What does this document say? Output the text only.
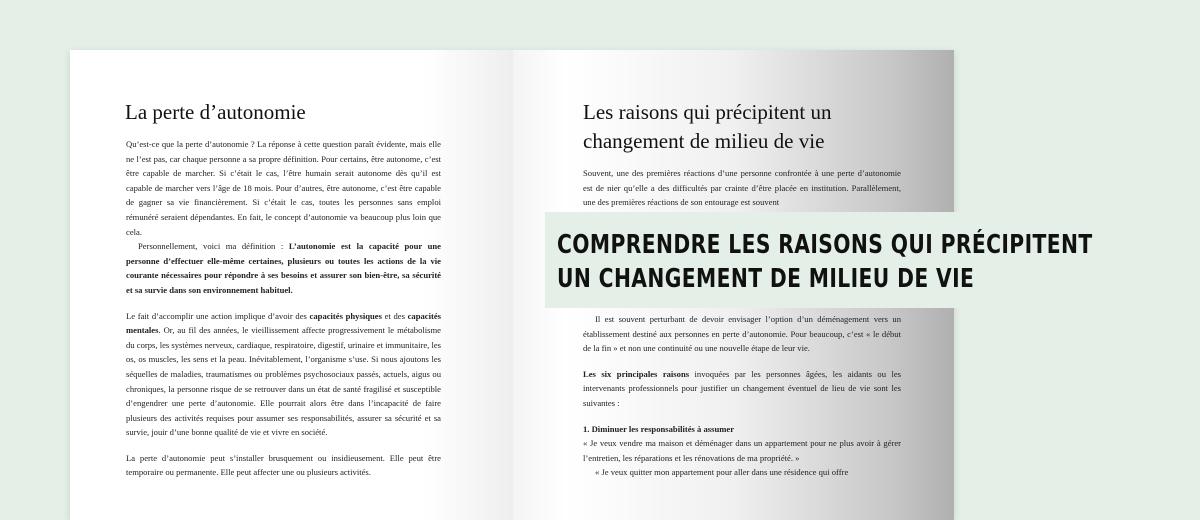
La perte d’autonomie

Qu’est-ce que la perte d’autonomie ? La réponse à cette question paraît évidente, mais elle ne l’est pas, car chaque personne a sa propre définition. Pour certains, être autonome, c’est être capable de marcher. Si c’était le cas, l’être humain serait autonome dès qu’il est capable de marcher vers l’âge de 18 mois. Pour d’autres, être autonome, c’est être capable de gagner sa vie financièrement. Si c’était le cas, toutes les personnes sans emploi rémunéré seraient dépendantes. En fait, le concept d’autonomie va beaucoup plus loin que cela.

Personnellement, voici ma définition : L’autonomie est la capacité pour une personne d’effectuer elle-même certaines, plusieurs ou toutes les actions de la vie courante nécessaires pour répondre à ses besoins et assurer son bien-être, sa sécurité et sa survie dans son environnement habituel.

Le fait d’accomplir une action implique d’avoir des capacités physiques et des capacités mentales. Or, au fil des années, le vieillissement affecte progressivement le métabolisme du corps, les systèmes nerveux, cardiaque, respiratoire, digestif, urinaire et immunitaire, les os, os muscles, les sens et la peau. Inévitablement, l’organisme s’use. Si nous ajoutons les séquelles de maladies, traumatismes ou problèmes psychosociaux passés, actuels, aigus ou chroniques, la personne risque de se retrouver dans un état de santé fragilisé et susceptible d’engendrer une perte d’autonomie. Elle pourrait alors être dans l’incapacité de faire plusieurs des activités requises pour assumer ses responsabilités, assurer sa sécurité et sa survie, jouir d’une bonne qualité de vie et vivre en société.

La perte d’autonomie peut s’installer brusquement ou insidieusement. Elle peut être temporaire ou permanente. Elle peut affecter une ou plusieurs activités.

Les raisons qui précipitent un changement de milieu de vie

Souvent, une des premières réactions d’une personne confrontée à une perte d’autonomie est de nier qu’elle a des difficultés par crainte d’être placée en institution. Parallèlement, une des premières réactions de son entourage est souvent

Il est souvent perturbant de devoir envisager l’option d’un déménagement vers un établissement destiné aux personnes en perte d’autonomie. Pour beaucoup, c’est « le début de la fin » et non une continuité ou une nouvelle étape de leur vie.

Les six principales raisons invoquées par les personnes âgées, les aidants ou les intervenants professionnels pour justifier un changement éventuel de lieu de vie sont les suivantes :

1. Diminuer les responsabilités à assumer

« Je veux vendre ma maison et déménager dans un appartement pour ne plus avoir à gérer l’entretien, les réparations et les rénovations de ma propriété. »

« Je veux quitter mon appartement pour aller dans une résidence qui offre

COMPRENDRE LES RAISONS QUI PRÉCIPITENT
UN CHANGEMENT DE MILIEU DE VIE
